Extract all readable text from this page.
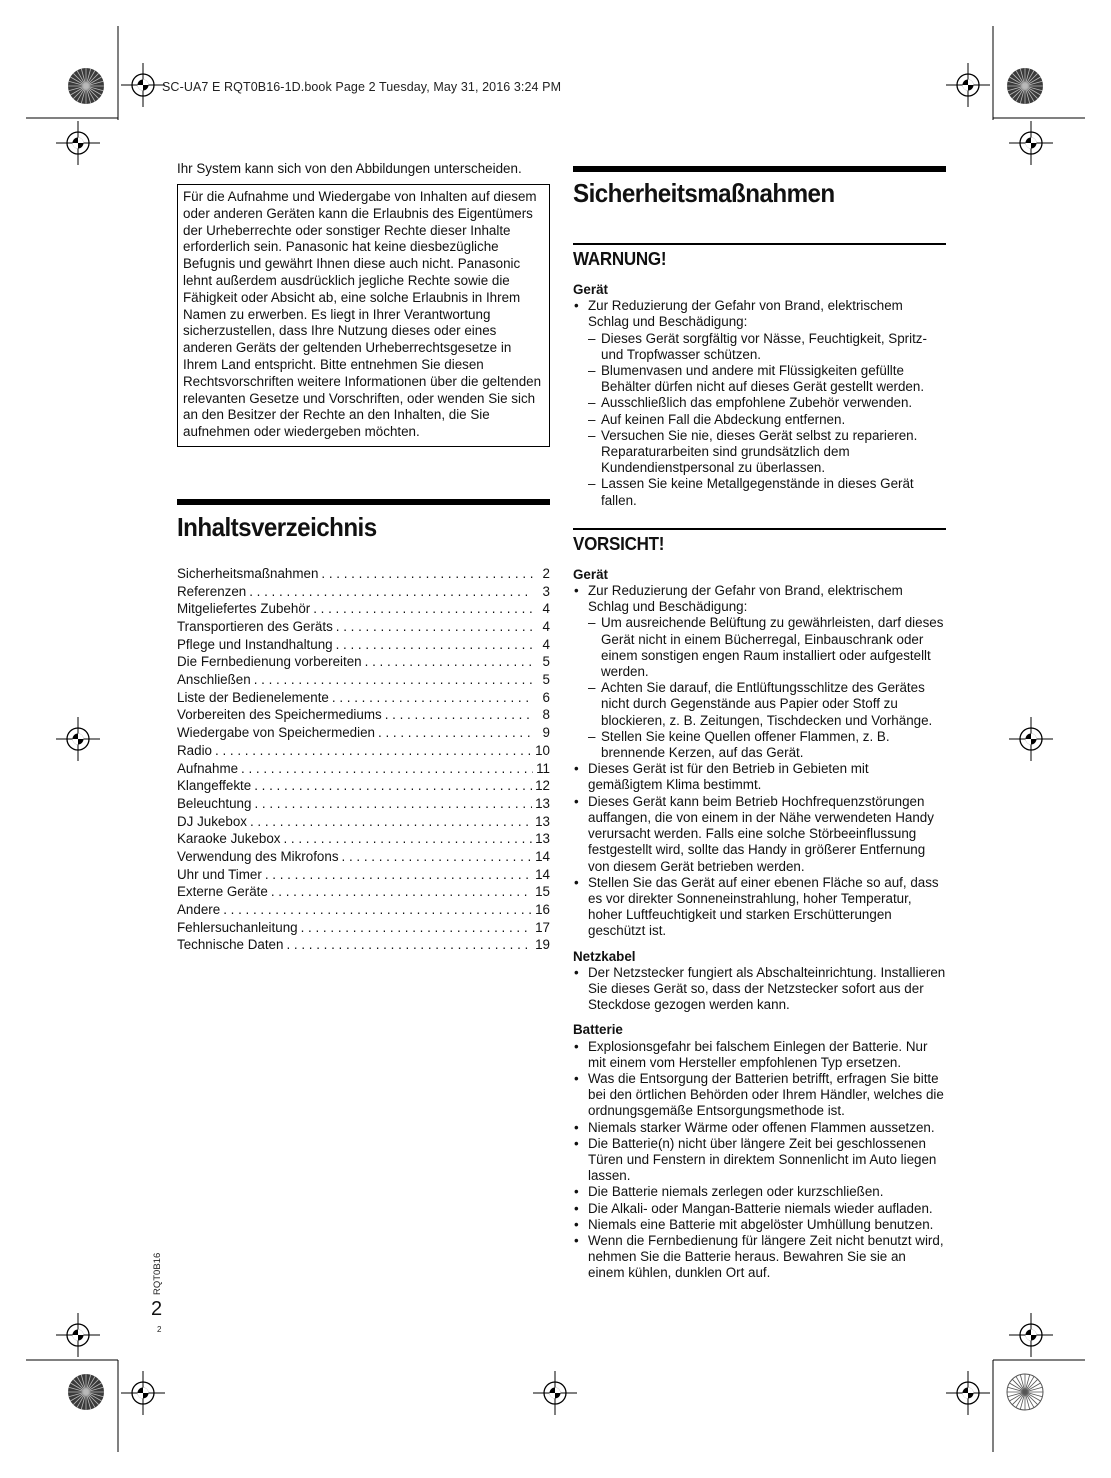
SC-UA7 E RQT0B16-1D.book Page 2 Tuesday, May 31, 2016 3:24 PM

Ihr System kann sich von den Abbildungen unterscheiden.

Für die Aufnahme und Wiedergabe von Inhalten auf diesem oder anderen Geräten kann die Erlaubnis des Eigentümers der Urheberrechte oder sonstiger Rechte dieser Inhalte erforderlich sein. Panasonic hat keine diesbezügliche Befugnis und gewährt Ihnen diese auch nicht. Panasonic lehnt außerdem ausdrücklich jegliche Rechte sowie die Fähigkeit oder Absicht ab, eine solche Erlaubnis in Ihrem Namen zu erwerben. Es liegt in Ihrer Verantwortung sicherzustellen, dass Ihre Nutzung dieses oder eines anderen Geräts der geltenden Urheberrechtsgesetze in Ihrem Land entspricht. Bitte entnehmen Sie diesen Rechtsvorschriften weitere Informationen über die geltenden relevanten Gesetze und Vorschriften, oder wenden Sie sich an den Besitzer der Rechte an den Inhalten, die Sie aufnehmen oder wiedergeben möchten.
Inhaltsverzeichnis
Sicherheitsmaßnahmen . . .	2
Referenzen . . .	3
Mitgeliefertes Zubehör . . .	4
Transportieren des Geräts . . .	4
Pflege und Instandhaltung . . .	4
Die Fernbedienung vorbereiten . . .	5
Anschließen . . .	5
Liste der Bedienelemente . . .	6
Vorbereiten des Speichermediums . . .	8
Wiedergabe von Speichermedien . . .	9
Radio . . .	10
Aufnahme . . .	11
Klangeffekte . . .	12
Beleuchtung . . .	13
DJ Jukebox . . .	13
Karaoke Jukebox . . .	13
Verwendung des Mikrofons . . .	14
Uhr und Timer . . .	14
Externe Geräte . . .	15
Andere . . .	16
Fehlersuchanleitung . . .	17
Technische Daten . . .	19
Sicherheitsmaßnahmen
WARNUNG!

Gerät

• Zur Reduzierung der Gefahr von Brand, elektrischem Schlag und Beschädigung:
– Dieses Gerät sorgfältig vor Nässe, Feuchtigkeit, Spritz- und Tropfwasser schützen.
– Blumenvasen und andere mit Flüssigkeiten gefüllte Behälter dürfen nicht auf dieses Gerät gestellt werden.
– Ausschließlich das empfohlene Zubehör verwenden.
– Auf keinen Fall die Abdeckung entfernen.
– Versuchen Sie nie, dieses Gerät selbst zu reparieren. Reparaturarbeiten sind grundsätzlich dem Kundendienstpersonal zu überlassen.
– Lassen Sie keine Metallgegenstände in dieses Gerät fallen.
VORSICHT!

Gerät

• Zur Reduzierung der Gefahr von Brand, elektrischem Schlag und Beschädigung:
– Um ausreichende Belüftung zu gewährleisten, darf dieses Gerät nicht in einem Bücherregal, Einbauschrank oder einem sonstigen engen Raum installiert oder aufgestellt werden.
– Achten Sie darauf, die Entlüftungsschlitze des Gerätes nicht durch Gegenstände aus Papier oder Stoff zu blockieren, z. B. Zeitungen, Tischdecken und Vorhänge.
– Stellen Sie keine Quellen offener Flammen, z. B. brennende Kerzen, auf das Gerät.
• Dieses Gerät ist für den Betrieb in Gebieten mit gemäßigtem Klima bestimmt.
• Dieses Gerät kann beim Betrieb Hochfrequenzstörungen auffangen, die von einem in der Nähe verwendeten Handy verursacht werden. Falls eine solche Störbeeinflussung festgestellt wird, sollte das Handy in größerer Entfernung von diesem Gerät betrieben werden.
• Stellen Sie das Gerät auf einer ebenen Fläche so auf, dass es vor direkter Sonneneinstrahlung, hoher Temperatur, hoher Luftfeuchtigkeit und starken Erschütterungen geschützt ist.

Netzkabel

• Der Netzstecker fungiert als Abschalteinrichtung. Installieren Sie dieses Gerät so, dass der Netzstecker sofort aus der Steckdose gezogen werden kann.

Batterie

• Explosionsgefahr bei falschem Einlegen der Batterie. Nur mit einem vom Hersteller empfohlenen Typ ersetzen.
• Was die Entsorgung der Batterien betrifft, erfragen Sie bitte bei den örtlichen Behörden oder Ihrem Händler, welches die ordnungsgemäße Entsorgungsmethode ist.
• Niemals starker Wärme oder offenen Flammen aussetzen.
• Die Batterie(n) nicht über längere Zeit bei geschlossenen Türen und Fenstern in direktem Sonnenlicht im Auto liegen lassen.
• Die Batterie niemals zerlegen oder kurzschließen.
• Die Alkali- oder Mangan-Batterie niemals wieder aufladen.
• Niemals eine Batterie mit abgelöster Umhüllung benutzen.
• Wenn die Fernbedienung für längere Zeit nicht benutzt wird, nehmen Sie die Batterie heraus. Bewahren Sie sie an einem kühlen, dunklen Ort auf.
RQT0B16
2
2
